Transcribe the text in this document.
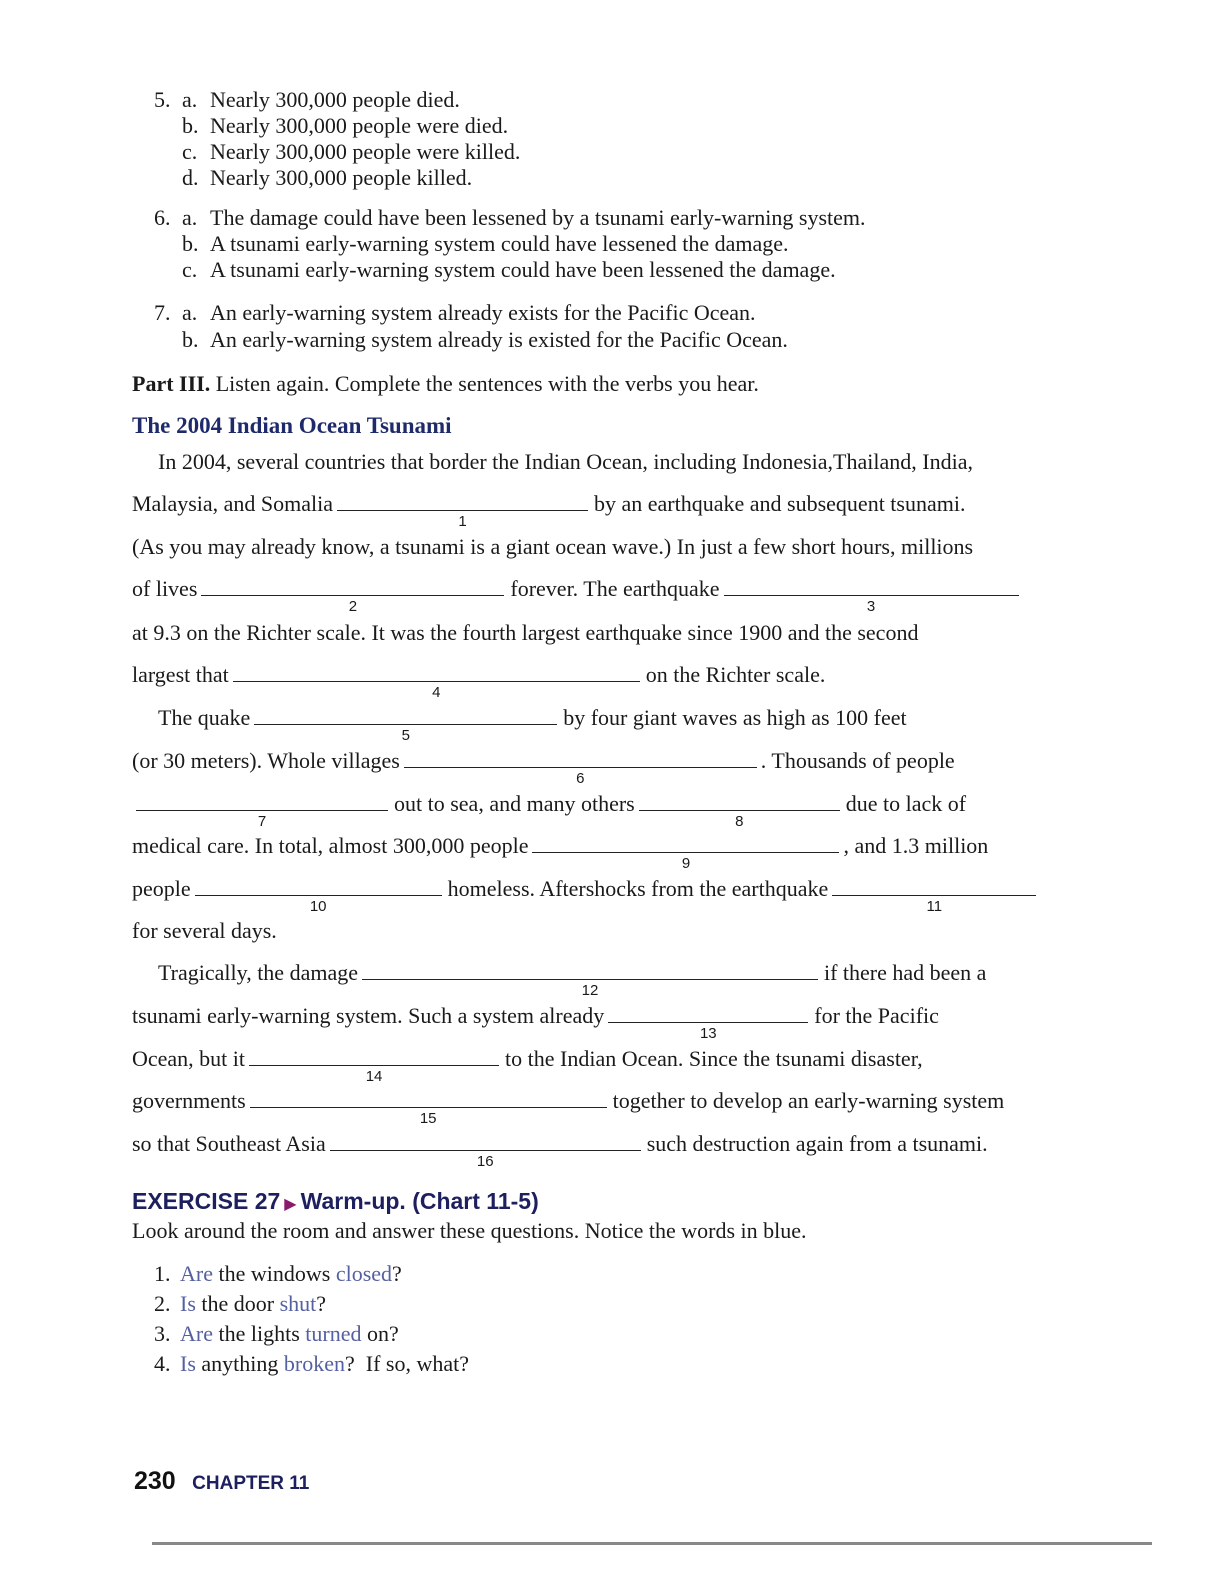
5. a. Nearly 300,000 people died.
b. Nearly 300,000 people were died.
c. Nearly 300,000 people were killed.
d. Nearly 300,000 people killed.
6. a. The damage could have been lessened by a tsunami early-warning system.
b. A tsunami early-warning system could have lessened the damage.
c. A tsunami early-warning system could have been lessened the damage.
7. a. An early-warning system already exists for the Pacific Ocean.
b. An early-warning system already is existed for the Pacific Ocean.
Part III. Listen again. Complete the sentences with the verbs you hear.
The 2004 Indian Ocean Tsunami
In 2004, several countries that border the Indian Ocean, including Indonesia,Thailand, India,
Malaysia, and Somalia
1
by an earthquake and subsequent tsunami.
(As you may already know, a tsunami is a giant ocean wave.) In just a few short hours, millions
of lives
2
forever. The earthquake
3
at 9.3 on the Richter scale. It was the fourth largest earthquake since 1900 and the second
largest that
4
on the Richter scale.
The quake
5
by four giant waves as high as 100 feet
(or 30 meters). Whole villages
6
. Thousands of people
7
out to sea, and many others
8
due to lack of
medical care. In total, almost 300,000 people
9
, and 1.3 million
people
10
homeless. Aftershocks from the earthquake
11
for several days.
Tragically, the damage
12
if there had been a
tsunami early-warning system. Such a system already
13
for the Pacific
Ocean, but it
14
to the Indian Ocean. Since the tsunami disaster,
governments
15
together to develop an early-warning system
so that Southeast Asia
16
such destruction again from a tsunami.
EXERCISE 27 ▶ Warm-up. (Chart 11-5)
Look around the room and answer these questions. Notice the words in blue.
1. Are the windows closed?
2. Is the door shut?
3. Are the lights turned on?
4. Is anything broken?  If so, what?
230 CHAPTER 11
